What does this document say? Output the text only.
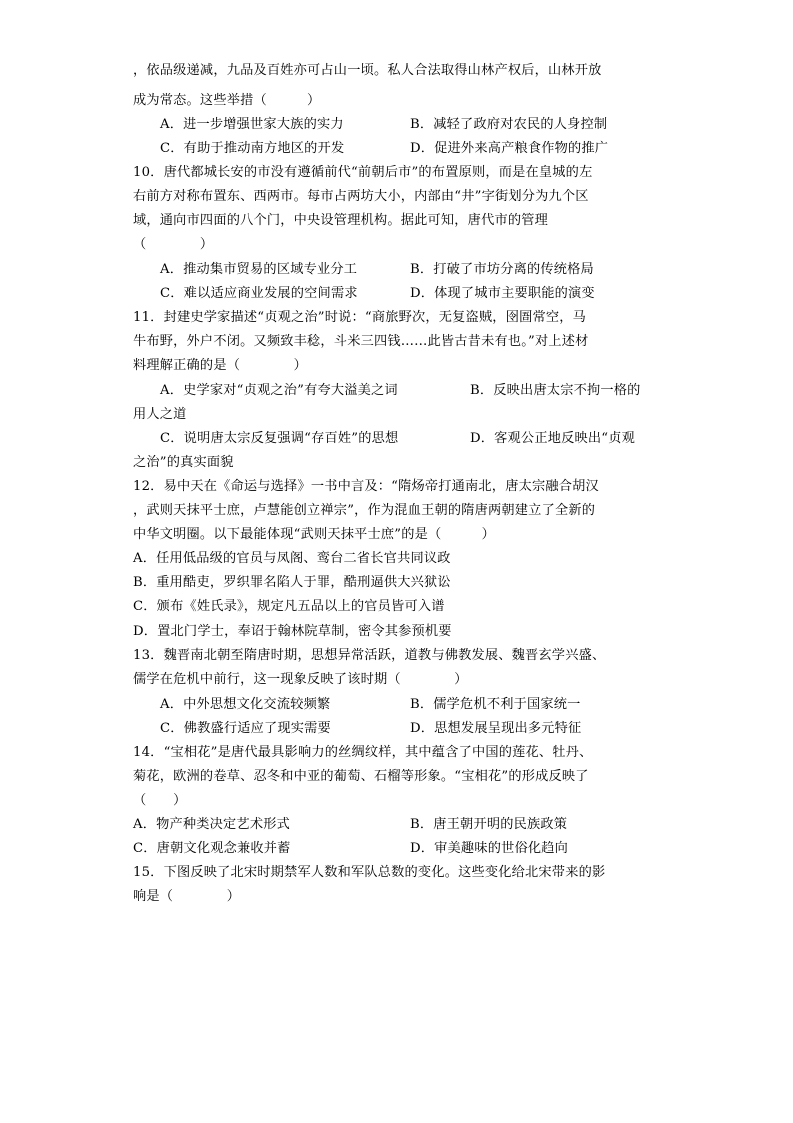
，依品级递减，九品及百姓亦可占山一顷。私人合法取得山林产权后，山林开放
成为常态。这些举措（　　　）
A．进一步增强世家大族的实力	B．减轻了政府对农民的人身控制
C．有助于推动南方地区的开发	D．促进外来高产粮食作物的推广
10．唐代都城长安的市没有遵循前代“前朝后市”的布置原则，而是在皇城的左
右前方对称布置东、西两市。每市占两坊大小，内部由“井”字街划分为九个区
域，通向市四面的八个门，中央设管理机构。据此可知，唐代市的管理
（　　　　）
A．推动集市贸易的区域专业分工	B．打破了市坊分离的传统格局
C．难以适应商业发展的空间需求	D．体现了城市主要职能的演变
11．封建史学家描述“贞观之治”时说：“商旅野次，无复盗贼，囹圄常空，马
牛布野，外户不闭。又频致丰稔，斗米三四钱……此皆古昔未有也。”对上述材
料理解正确的是（　　　　）
A．史学家对“贞观之治”有夸大溢美之词	B．反映出唐太宗不拘一格的
用人之道
C．说明唐太宗反复强调“存百姓”的思想	D．客观公正地反映出“贞观
之治”的真实面貌
12．易中天在《命运与选择》一书中言及：“隋炀帝打通南北，唐太宗融合胡汉
，武则天抹平士庶，卢慧能创立禅宗”，作为混血王朝的隋唐两朝建立了全新的
中华文明圈。以下最能体现“武则天抹平士庶”的是（　　　）
A．任用低品级的官员与凤阁、鸾台二省长官共同议政
B．重用酷吏，罗织罪名陷人于罪，酷刑逼供大兴狱讼
C．颁布《姓氏录》，规定凡五品以上的官员皆可入谱
D．置北门学士，奉诏于翰林院草制，密令其参预机要
13．魏晋南北朝至隋唐时期，思想异常活跃，道教与佛教发展、魏晋玄学兴盛、
儒学在危机中前行，这一现象反映了该时期（　　　　）
A．中外思想文化交流较频繁	B．儒学危机不利于国家统一
C．佛教盛行适应了现实需要	D．思想发展呈现出多元特征
14．“宝相花”是唐代最具影响力的丝绸纹样，其中蕴含了中国的莲花、牡丹、
菊花，欧洲的卷草、忍冬和中亚的葡萄、石榴等形象。“宝相花”的形成反映了
（　　）
A．物产种类决定艺术形式	B．唐王朝开明的民族政策
C．唐朝文化观念兼收并蓄	D．审美趣味的世俗化趋向
15．下图反映了北宋时期禁军人数和军队总数的变化。这些变化给北宋带来的影
响是（　　　　）
